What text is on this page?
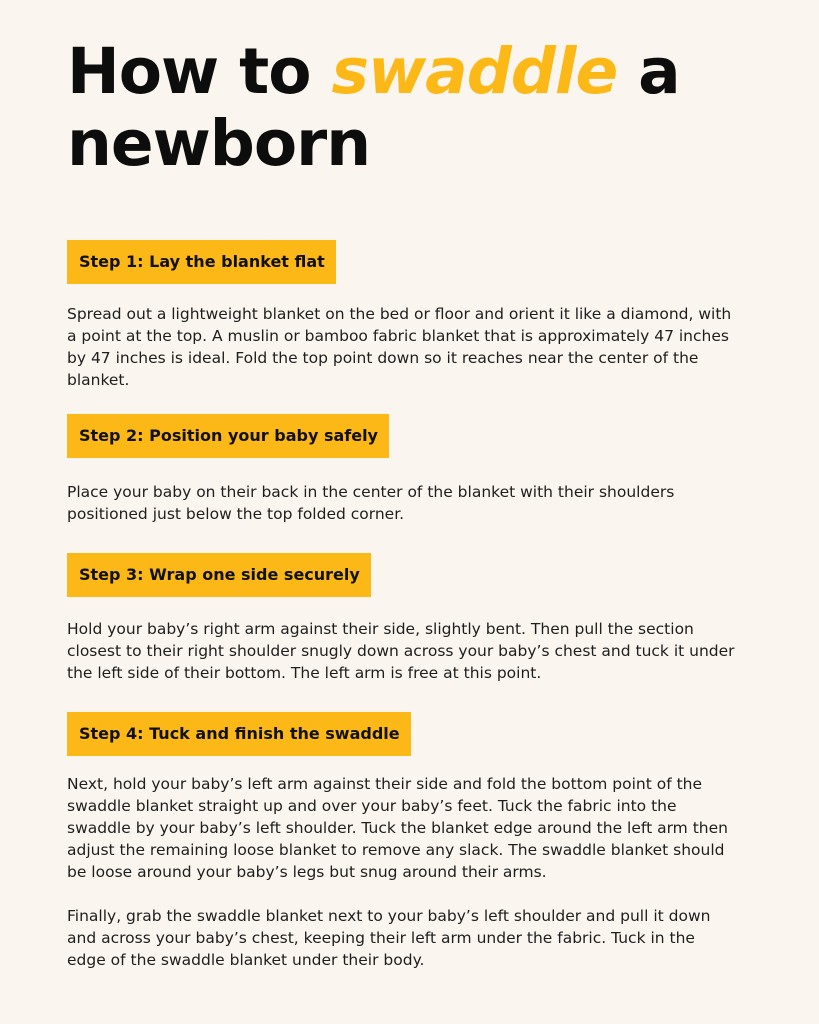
How to swaddle a newborn
Step 1: Lay the blanket flat

Spread out a lightweight blanket on the bed or floor and orient it like a diamond, with a point at the top. A muslin or bamboo fabric blanket that is approximately 47 inches by 47 inches is ideal. Fold the top point down so it reaches near the center of the blanket.

Step 2: Position your baby safely

Place your baby on their back in the center of the blanket with their shoulders positioned just below the top folded corner.

Step 3: Wrap one side securely

Hold your baby’s right arm against their side, slightly bent. Then pull the section closest to their right shoulder snugly down across your baby’s chest and tuck it under the left side of their bottom. The left arm is free at this point.

Step 4: Tuck and finish the swaddle

Next, hold your baby’s left arm against their side and fold the bottom point of the swaddle blanket straight up and over your baby’s feet. Tuck the fabric into the swaddle by your baby’s left shoulder. Tuck the blanket edge around the left arm then adjust the remaining loose blanket to remove any slack. The swaddle blanket should be loose around your baby’s legs but snug around their arms.

Finally, grab the swaddle blanket next to your baby’s left shoulder and pull it down and across your baby’s chest, keeping their left arm under the fabric. Tuck in the edge of the swaddle blanket under their body.
